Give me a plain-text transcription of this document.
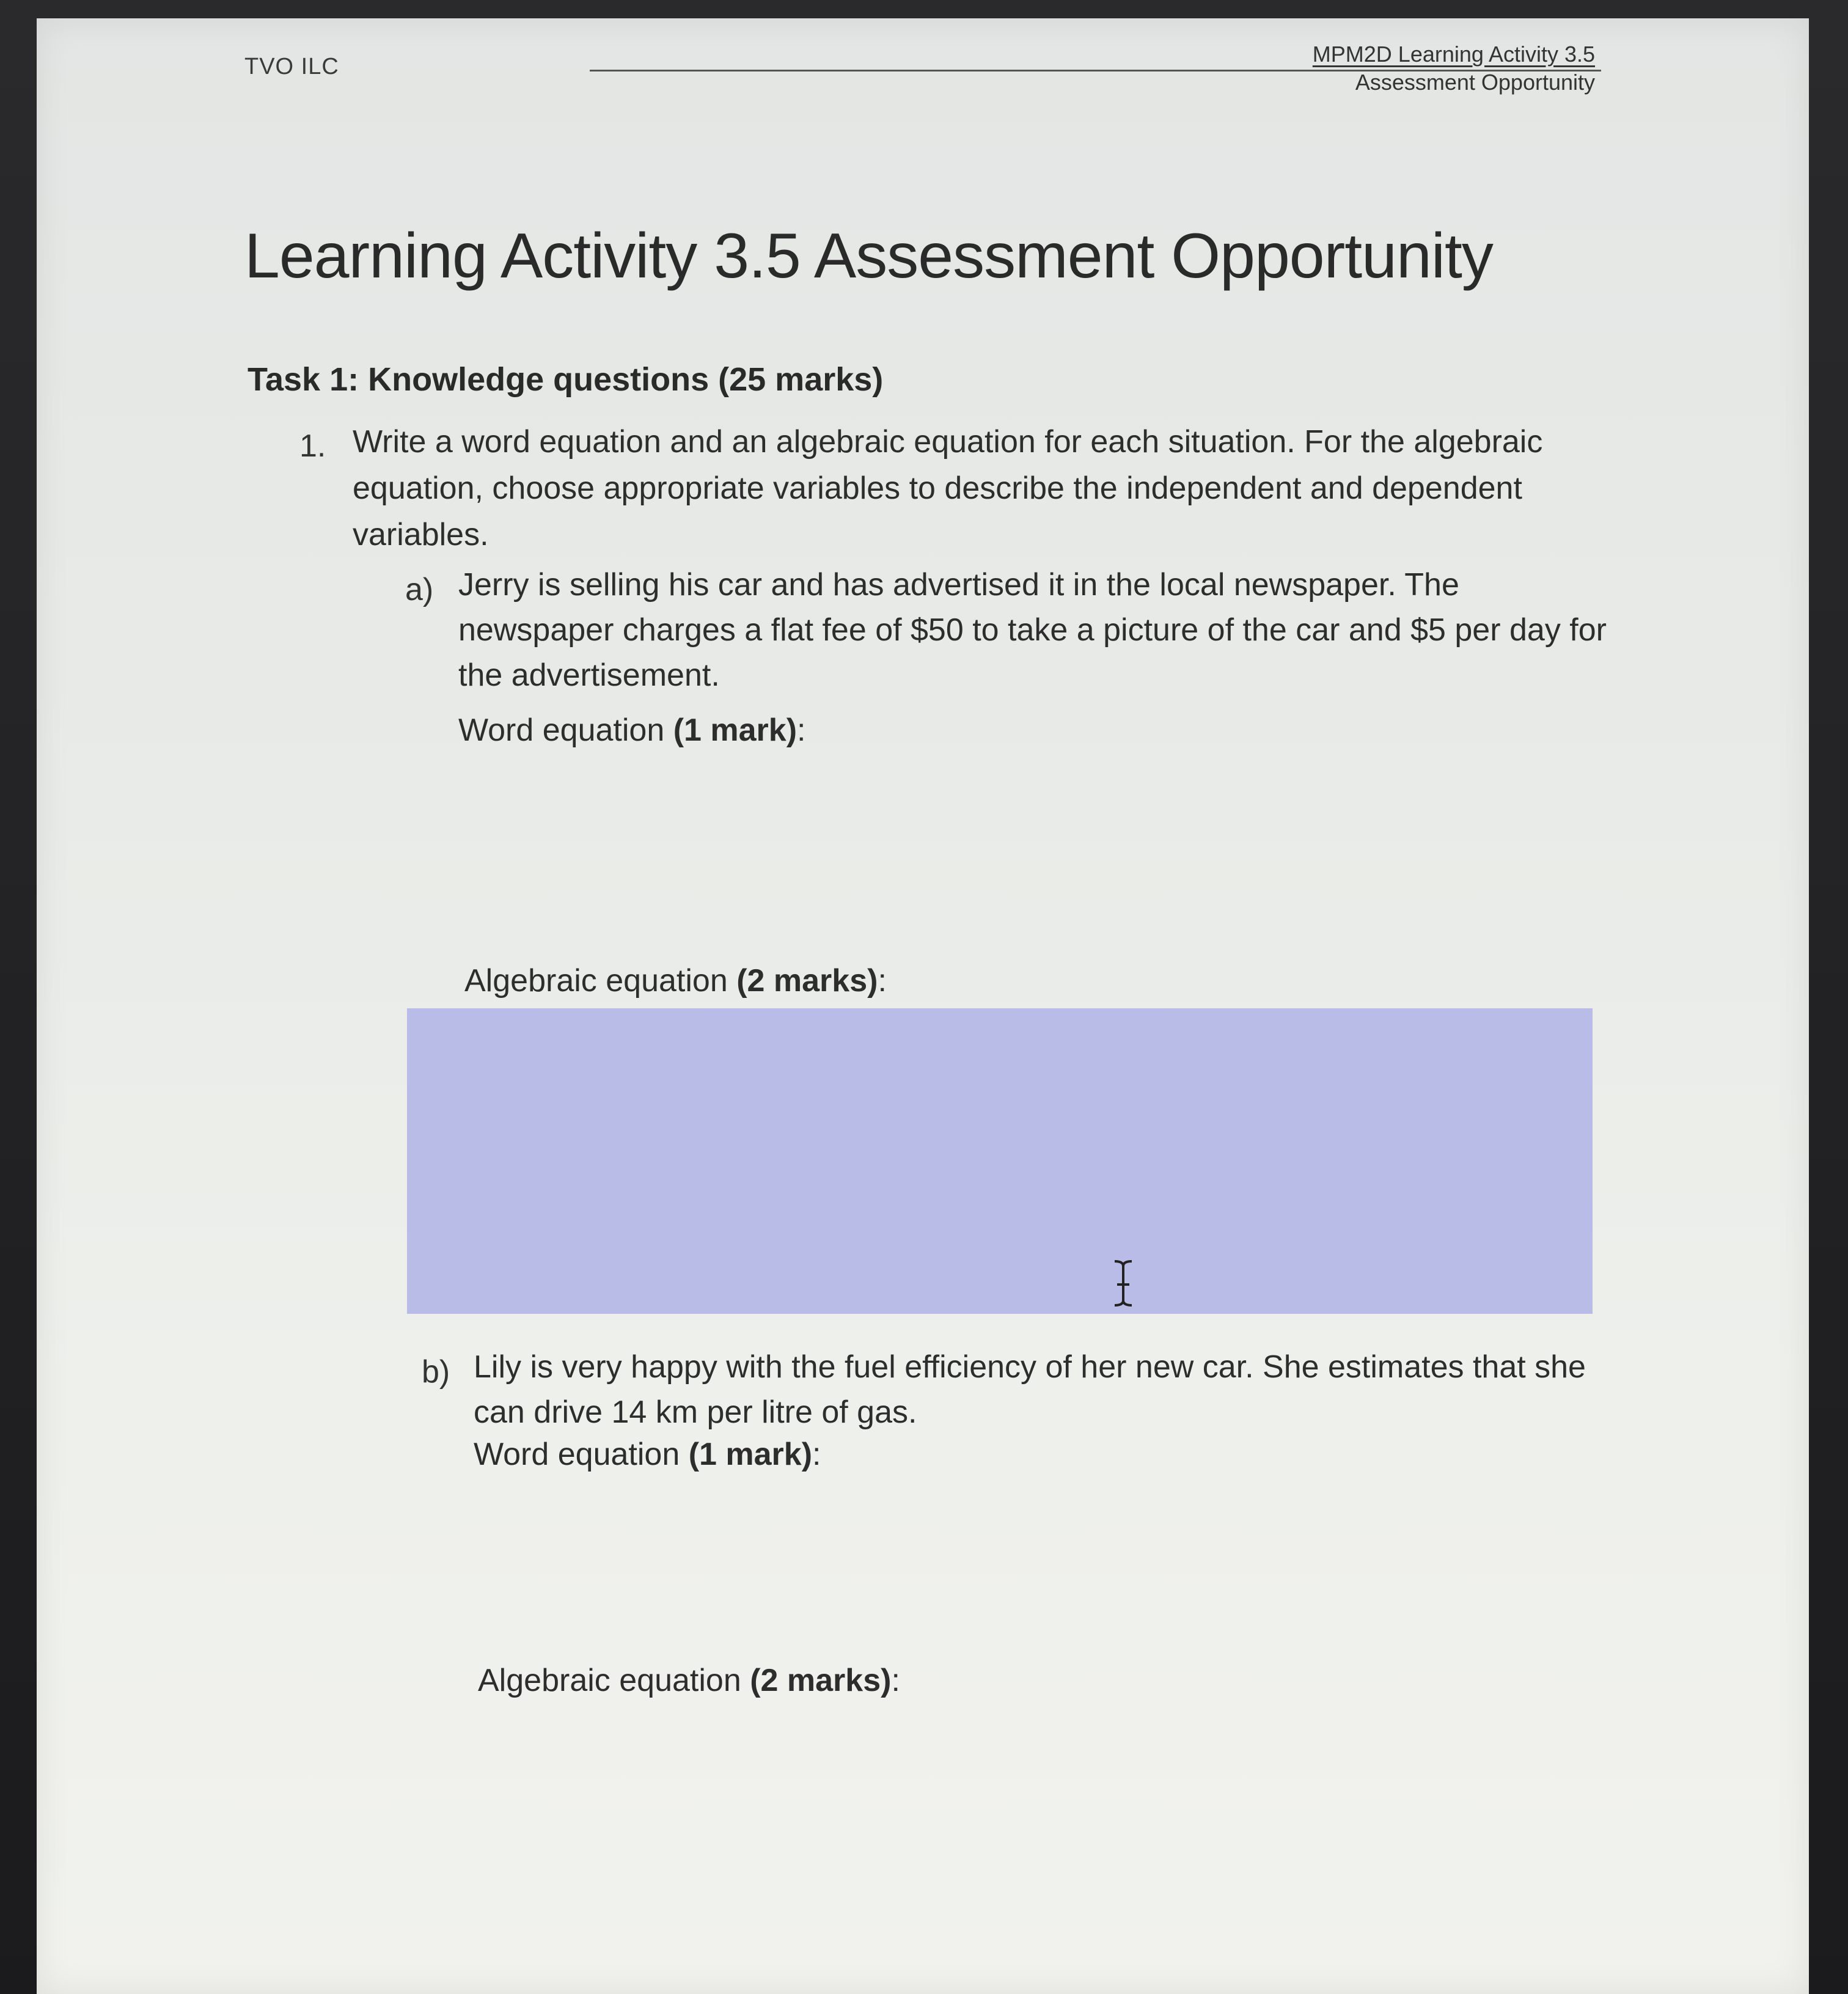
TVO ILC	MPM2D Learning Activity 3.5
Assessment Opportunity
Learning Activity 3.5 Assessment Opportunity
Task 1: Knowledge questions (25 marks)
1. Write a word equation and an algebraic equation for each situation. For the algebraic equation, choose appropriate variables to describe the independent and dependent variables.
a) Jerry is selling his car and has advertised it in the local newspaper. The newspaper charges a flat fee of $50 to take a picture of the car and $5 per day for the advertisement.
Word equation (1 mark):
Algebraic equation (2 marks):
b) Lily is very happy with the fuel efficiency of her new car. She estimates that she can drive 14 km per litre of gas.
Word equation (1 mark):
Algebraic equation (2 marks):
